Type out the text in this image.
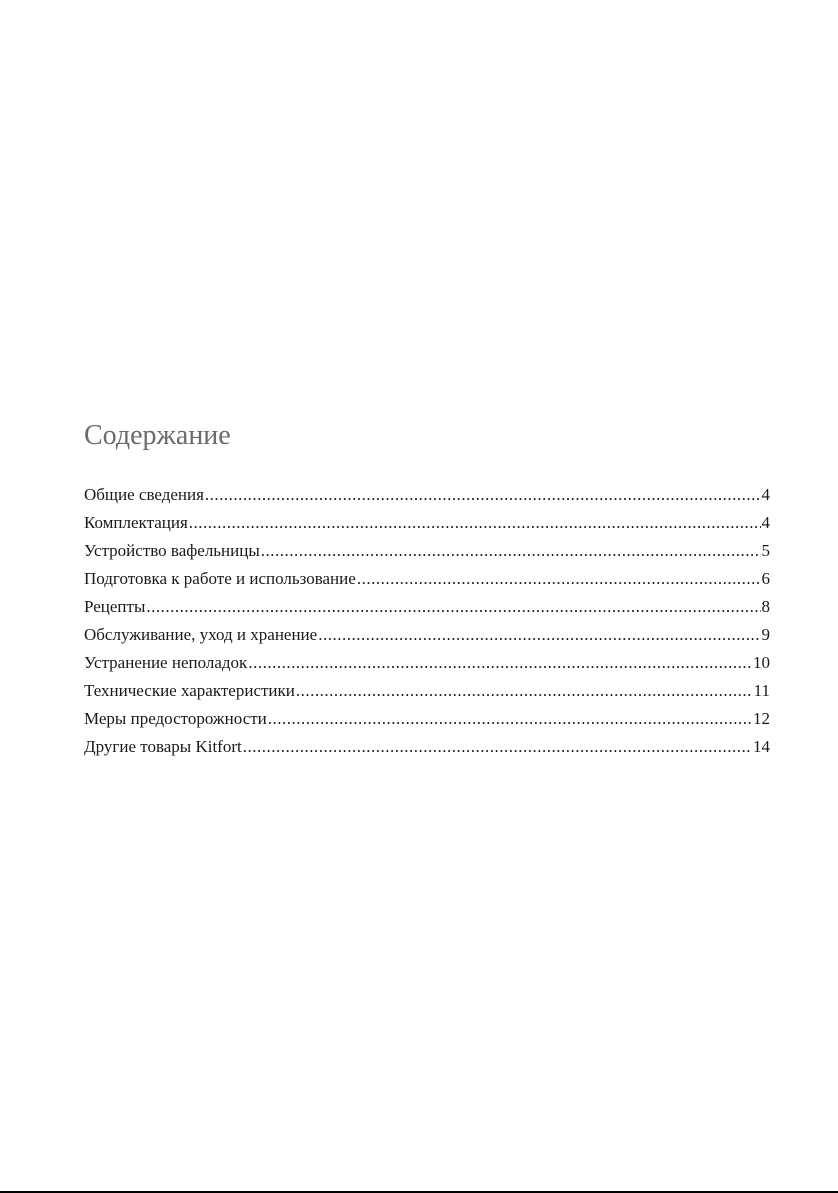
Содержание
Общие сведения .....	4
Комплектация .....	4
Устройство вафельницы .....	5
Подготовка к работе и использование .....	6
Рецепты .....	8
Обслуживание, уход и хранение .....	9
Устранение неполадок .....	10
Технические характеристики .....	11
Меры предосторожности .....	12
Другие товары Kitfort .....	14
